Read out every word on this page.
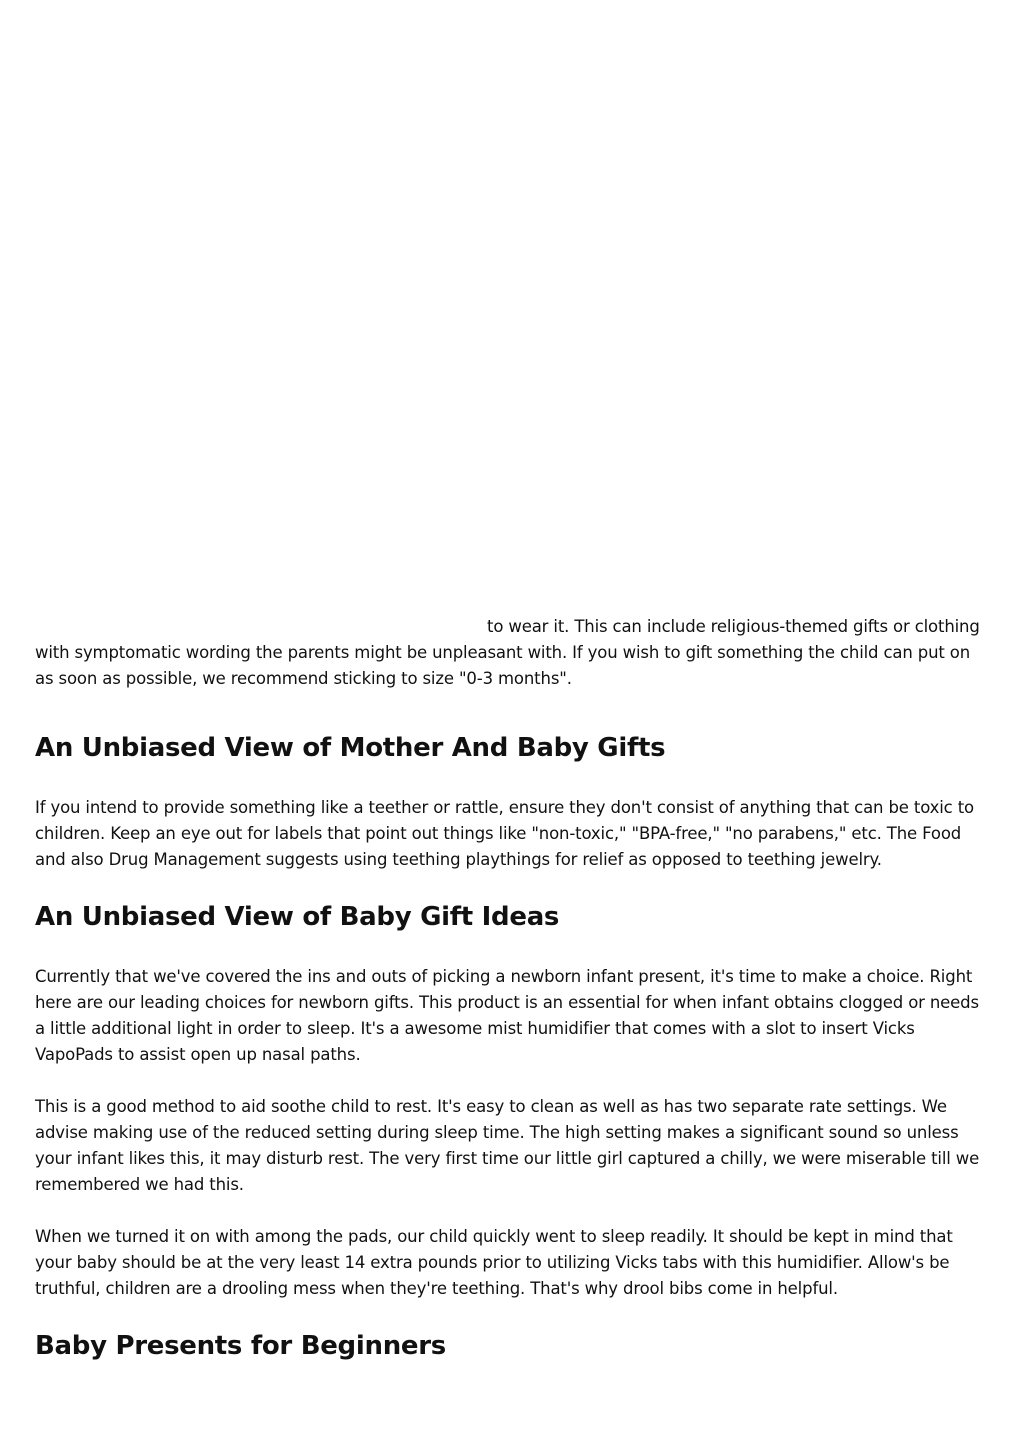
to wear it. This can include religious-themed gifts or clothing with symptomatic wording the parents might be unpleasant with. If you wish to gift something the child can put on as soon as possible, we recommend sticking to size "0-3 months".

An Unbiased View of Mother And Baby Gifts

If you intend to provide something like a teether or rattle, ensure they don't consist of anything that can be toxic to children. Keep an eye out for labels that point out things like "non-toxic," "BPA-free," "no parabens," etc. The Food and also Drug Management suggests using teething playthings for relief as opposed to teething jewelry.

An Unbiased View of Baby Gift Ideas

Currently that we've covered the ins and outs of picking a newborn infant present, it's time to make a choice. Right here are our leading choices for newborn gifts. This product is an essential for when infant obtains clogged or needs a little additional light in order to sleep. It's a awesome mist humidifier that comes with a slot to insert Vicks VapoPads to assist open up nasal paths.

This is a good method to aid soothe child to rest. It's easy to clean as well as has two separate rate settings. We advise making use of the reduced setting during sleep time. The high setting makes a significant sound so unless your infant likes this, it may disturb rest. The very first time our little girl captured a chilly, we were miserable till we remembered we had this.

When we turned it on with among the pads, our child quickly went to sleep readily. It should be kept in mind that your baby should be at the very least 14 extra pounds prior to utilizing Vicks tabs with this humidifier. Allow's be truthful, children are a drooling mess when they're teething. That's why drool bibs come in helpful.

Baby Presents for Beginners
